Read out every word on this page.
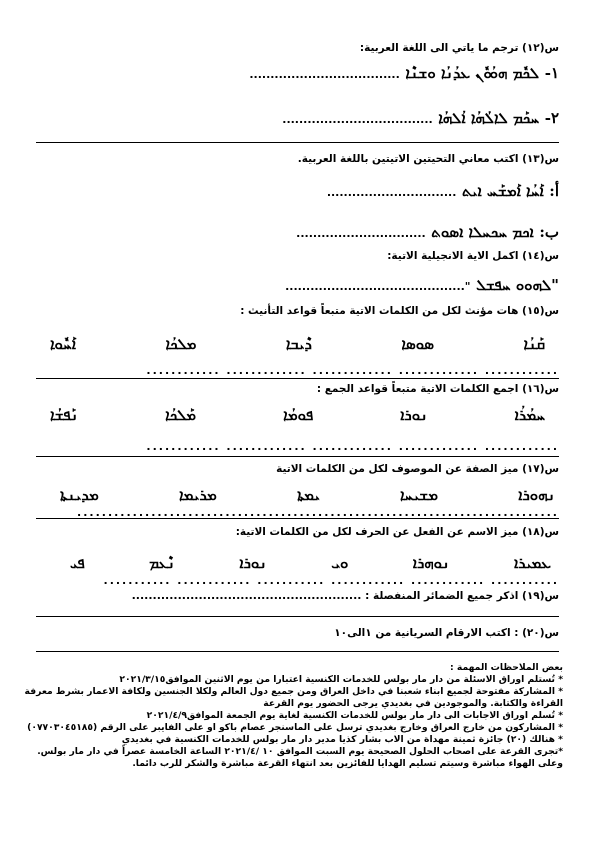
س(١٢) ترجم ما ياتي الى اللغة العربية:
١- ܠܟܽܡ ܗܘܳܘܽܢ ܥܕܳܢܳܐ ܘܫܢܶܐ ....................................
٢- ܚܟܰܡ ܠܐܠܳܗܳܐ ܐܳܠܗܳܐ ....................................
س(١٣) اكتب معاني التحيتين الاتيتين باللغة العربية.
أ: ܐܰܚܳܐ ܐܰܡܫܰܚ ܐܝܬ ...............................
ب: ܐܟܡ ܚܟܚܠܐ ܐܣܘܬ ...............................
س(١٤) اكمل الاية الانجيلية الاتية:
"ܠܗܘܘ ܚܦܫܠ "...........................................
س(١٥) هات مؤنث لكل من الكلمات الاتية متبعاً قواعد التأنيث :
ܐܰܚܽܘܐ	ܡܠܟܳܐ	ܕܶܝܒܐ	ܣܘܣܐ	ܩܰܢܳܐ
............ ............. ............. ............. ............
س(١٦) اجمع الكلمات الاتية متبعاً قواعد الجمع :
ܢܰܦܫܳܐ	ܡܰܠܟܳܐ	ܦܘܡܳܐ	ܢܘܪܐ	ܚܡܳܪܳܐ
............ ............. ............. ............. ............
س(١٧) ميز الصفة عن الموصوف لكل من الكلمات الاتية
ܡܕܝܢܬܐ	ܡܪܝܡܐ	ܝܡܬܐ	ܡܫܝܚܐ	ܢܗܘܪܐ
..............................................................................
س(١٨) ميز الاسم عن الفعل عن الحرف لكل من الكلمات الاتية:
ܦܝ	ܢܶܥܡ	ܢܘܪܐ	ܘܝ	ܢܘܗܪܐ	ܥܡܝܪܐ
........... ............ ............ ........... ............ ...........
س(١٩) اذكر جميع الضمائر المنفصلة : .......................................................
س(٢٠) : اكتب الارقام السريانية من ١الى١٠
بعض الملاحظات المهمة :
* تُستلم اوراق الاسئلة من دار مار بولس للخدمات الكنسية اعتبارا من يوم الاثنين الموافق٢٠٢١/٣/١٥
* المشاركة مفتوحة لجميع ابناء شعبنا في داخل العراق ومن جميع دول العالم ولكلا الجنسين ولكافة الاعمار بشرط معرفة القراءة والكتابة. والموجودين في بغديدي يرجى الحضور يوم القرعة
* تُسلم اوراق الاجابات الى دار مار بولس للخدمات الكنسية لغاية يوم الجمعة الموافق٢٠٢١/٤/٩
* المشاركون من خارج العراق وخارج بغديدي ترسل على الماسنجر عصام باكو او على الفايبر على الرقم (٠٧٧٠٣٠٤٥١٨٥)
* هنالك (٢٠) جائزة ثمينة مهداة من الاب بشار كذيا مدير دار مار بولس للخدمات الكنسية في بغديدي
*تجرى القرعة على اصحاب الحلول الصحيحة يوم السبت الموافق ١٠ /٢٠٢١/٤ الساعة الخامسة عصراً في دار مار بولس. وعلى الهواء مباشرة وسيتم تسليم الهدايا للفائزين بعد انتهاء القرعة مباشرة والشكر للرب دائما.
